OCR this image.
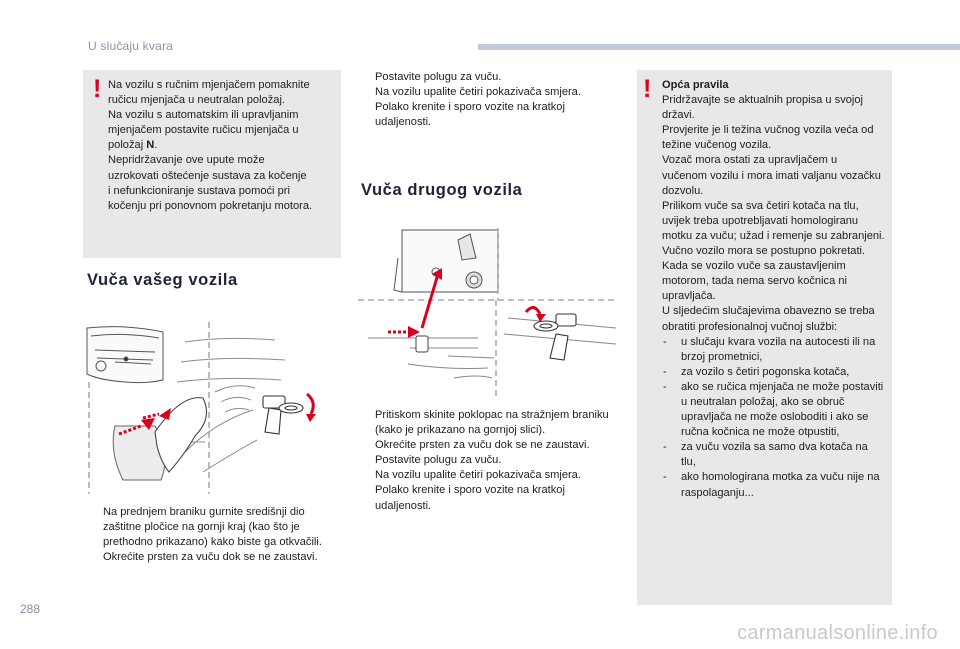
U slučaju kvara
! Na vozilu s ručnim mjenjačem pomaknite
ručicu mjenjača u neutralan položaj.
Na vozilu s automatskim ili upravljanim
mjenjačem postavite ručicu mjenjača u
položaj N.
Nepridržavanje ove upute može
uzrokovati oštećenje sustava za kočenje
i nefunkcioniranje sustava pomoći pri
kočenju pri ponovnom pokretanju motora.
Vuča vašeg vozila
Na prednjem braniku gurnite središnji dio zaštitne pločice na gornji kraj (kao što je prethodno prikazano) kako biste ga otkvačili.
Okrećite prsten za vuču dok se ne zaustavi.
Postavite polugu za vuču.
Na vozilu upalite četiri pokazivača smjera.
Polako krenite i sporo vozite na kratkoj udaljenosti.
Vuča drugog vozila
Pritiskom skinite poklopac na stražnjem braniku (kako je prikazano na gornjoj slici).
Okrećite prsten za vuču dok se ne zaustavi.
Postavite polugu za vuču.
Na vozilu upalite četiri pokazivača smjera.
Polako krenite i sporo vozite na kratkoj udaljenosti.
! Opća pravila
Pridržavajte se aktualnih propisa u svojoj državi.
Provjerite je li težina vučnog vozila veća od težine vučenog vozila.
Vozač mora ostati za upravljačem u vučenom vozilu i mora imati valjanu vozačku dozvolu.
Prilikom vuče sa sva četiri kotača na tlu, uvijek treba upotrebljavati homologiranu motku za vuču; užad i remenje su zabranjeni.
Vučno vozilo mora se postupno pokretati. Kada se vozilo vuče sa zaustavljenim motorom, tada nema servo kočnica ni upravljača.
U sljedećim slučajevima obavezno se treba obratiti profesionalnoj vučnoj službi:
- u slučaju kvara vozila na autocesti ili na brzoj prometnici,
- za vozilo s četiri pogonska kotača,
- ako se ručica mjenjača ne može postaviti u neutralan položaj, ako se obruč upravljača ne može osloboditi i ako se ručna kočnica ne može otpustiti,
- za vuču vozila sa samo dva kotača na tlu,
- ako homologirana motka za vuču nije na raspolaganju...
288
carmanualsonline.info
